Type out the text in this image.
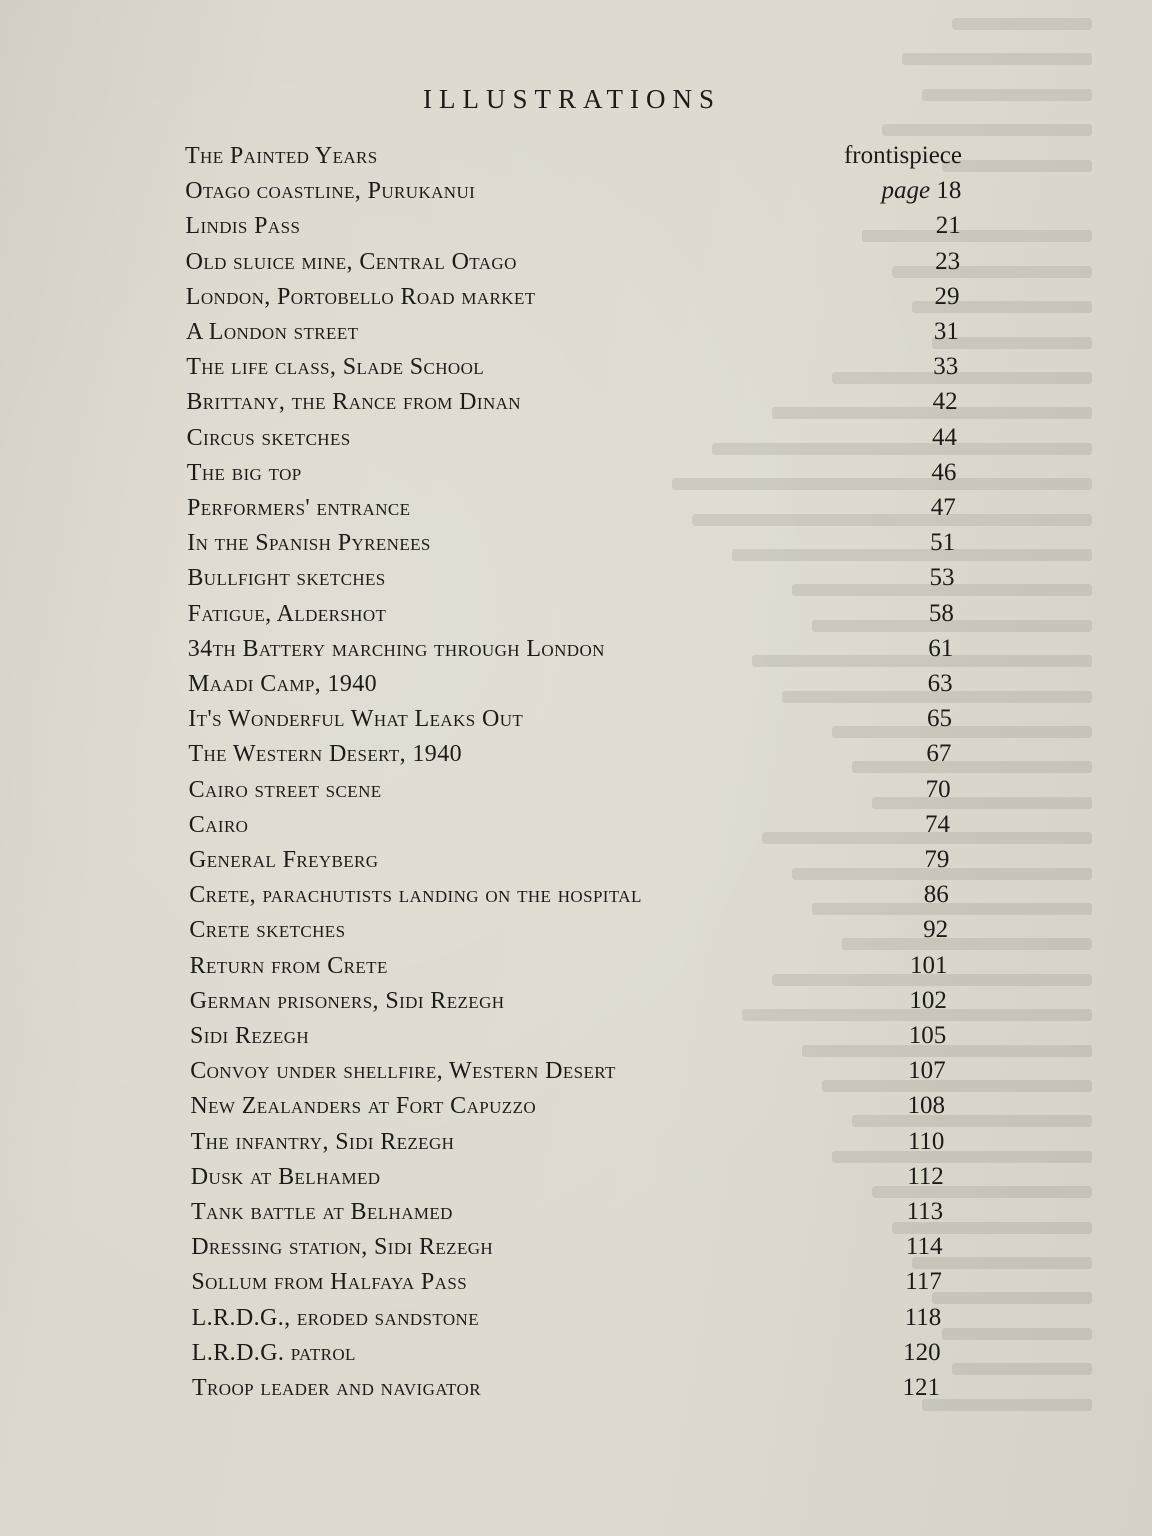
ILLUSTRATIONS
The Painted Years	frontispiece
Otago coastline, Purukanui	page 18
Lindis Pass	21
Old sluice mine, Central Otago	23
London, Portobello Road market	29
A London street	31
The life class, Slade School	33
Brittany, the Rance from Dinan	42
Circus sketches	44
The big top	46
Performers' entrance	47
In the Spanish Pyrenees	51
Bullfight sketches	53
Fatigue, Aldershot	58
34th Battery marching through London	61
Maadi Camp, 1940	63
It's Wonderful What Leaks Out	65
The Western Desert, 1940	67
Cairo street scene	70
Cairo	74
General Freyberg	79
Crete, parachutists landing on the hospital	86
Crete sketches	92
Return from Crete	101
German prisoners, Sidi Rezegh	102
Sidi Rezegh	105
Convoy under shellfire, Western Desert	107
New Zealanders at Fort Capuzzo	108
The infantry, Sidi Rezegh	110
Dusk at Belhamed	112
Tank battle at Belhamed	113
Dressing station, Sidi Rezegh	114
Sollum from Halfaya Pass	117
L.R.D.G., eroded sandstone	118
L.R.D.G. patrol	120
Troop leader and navigator	121
